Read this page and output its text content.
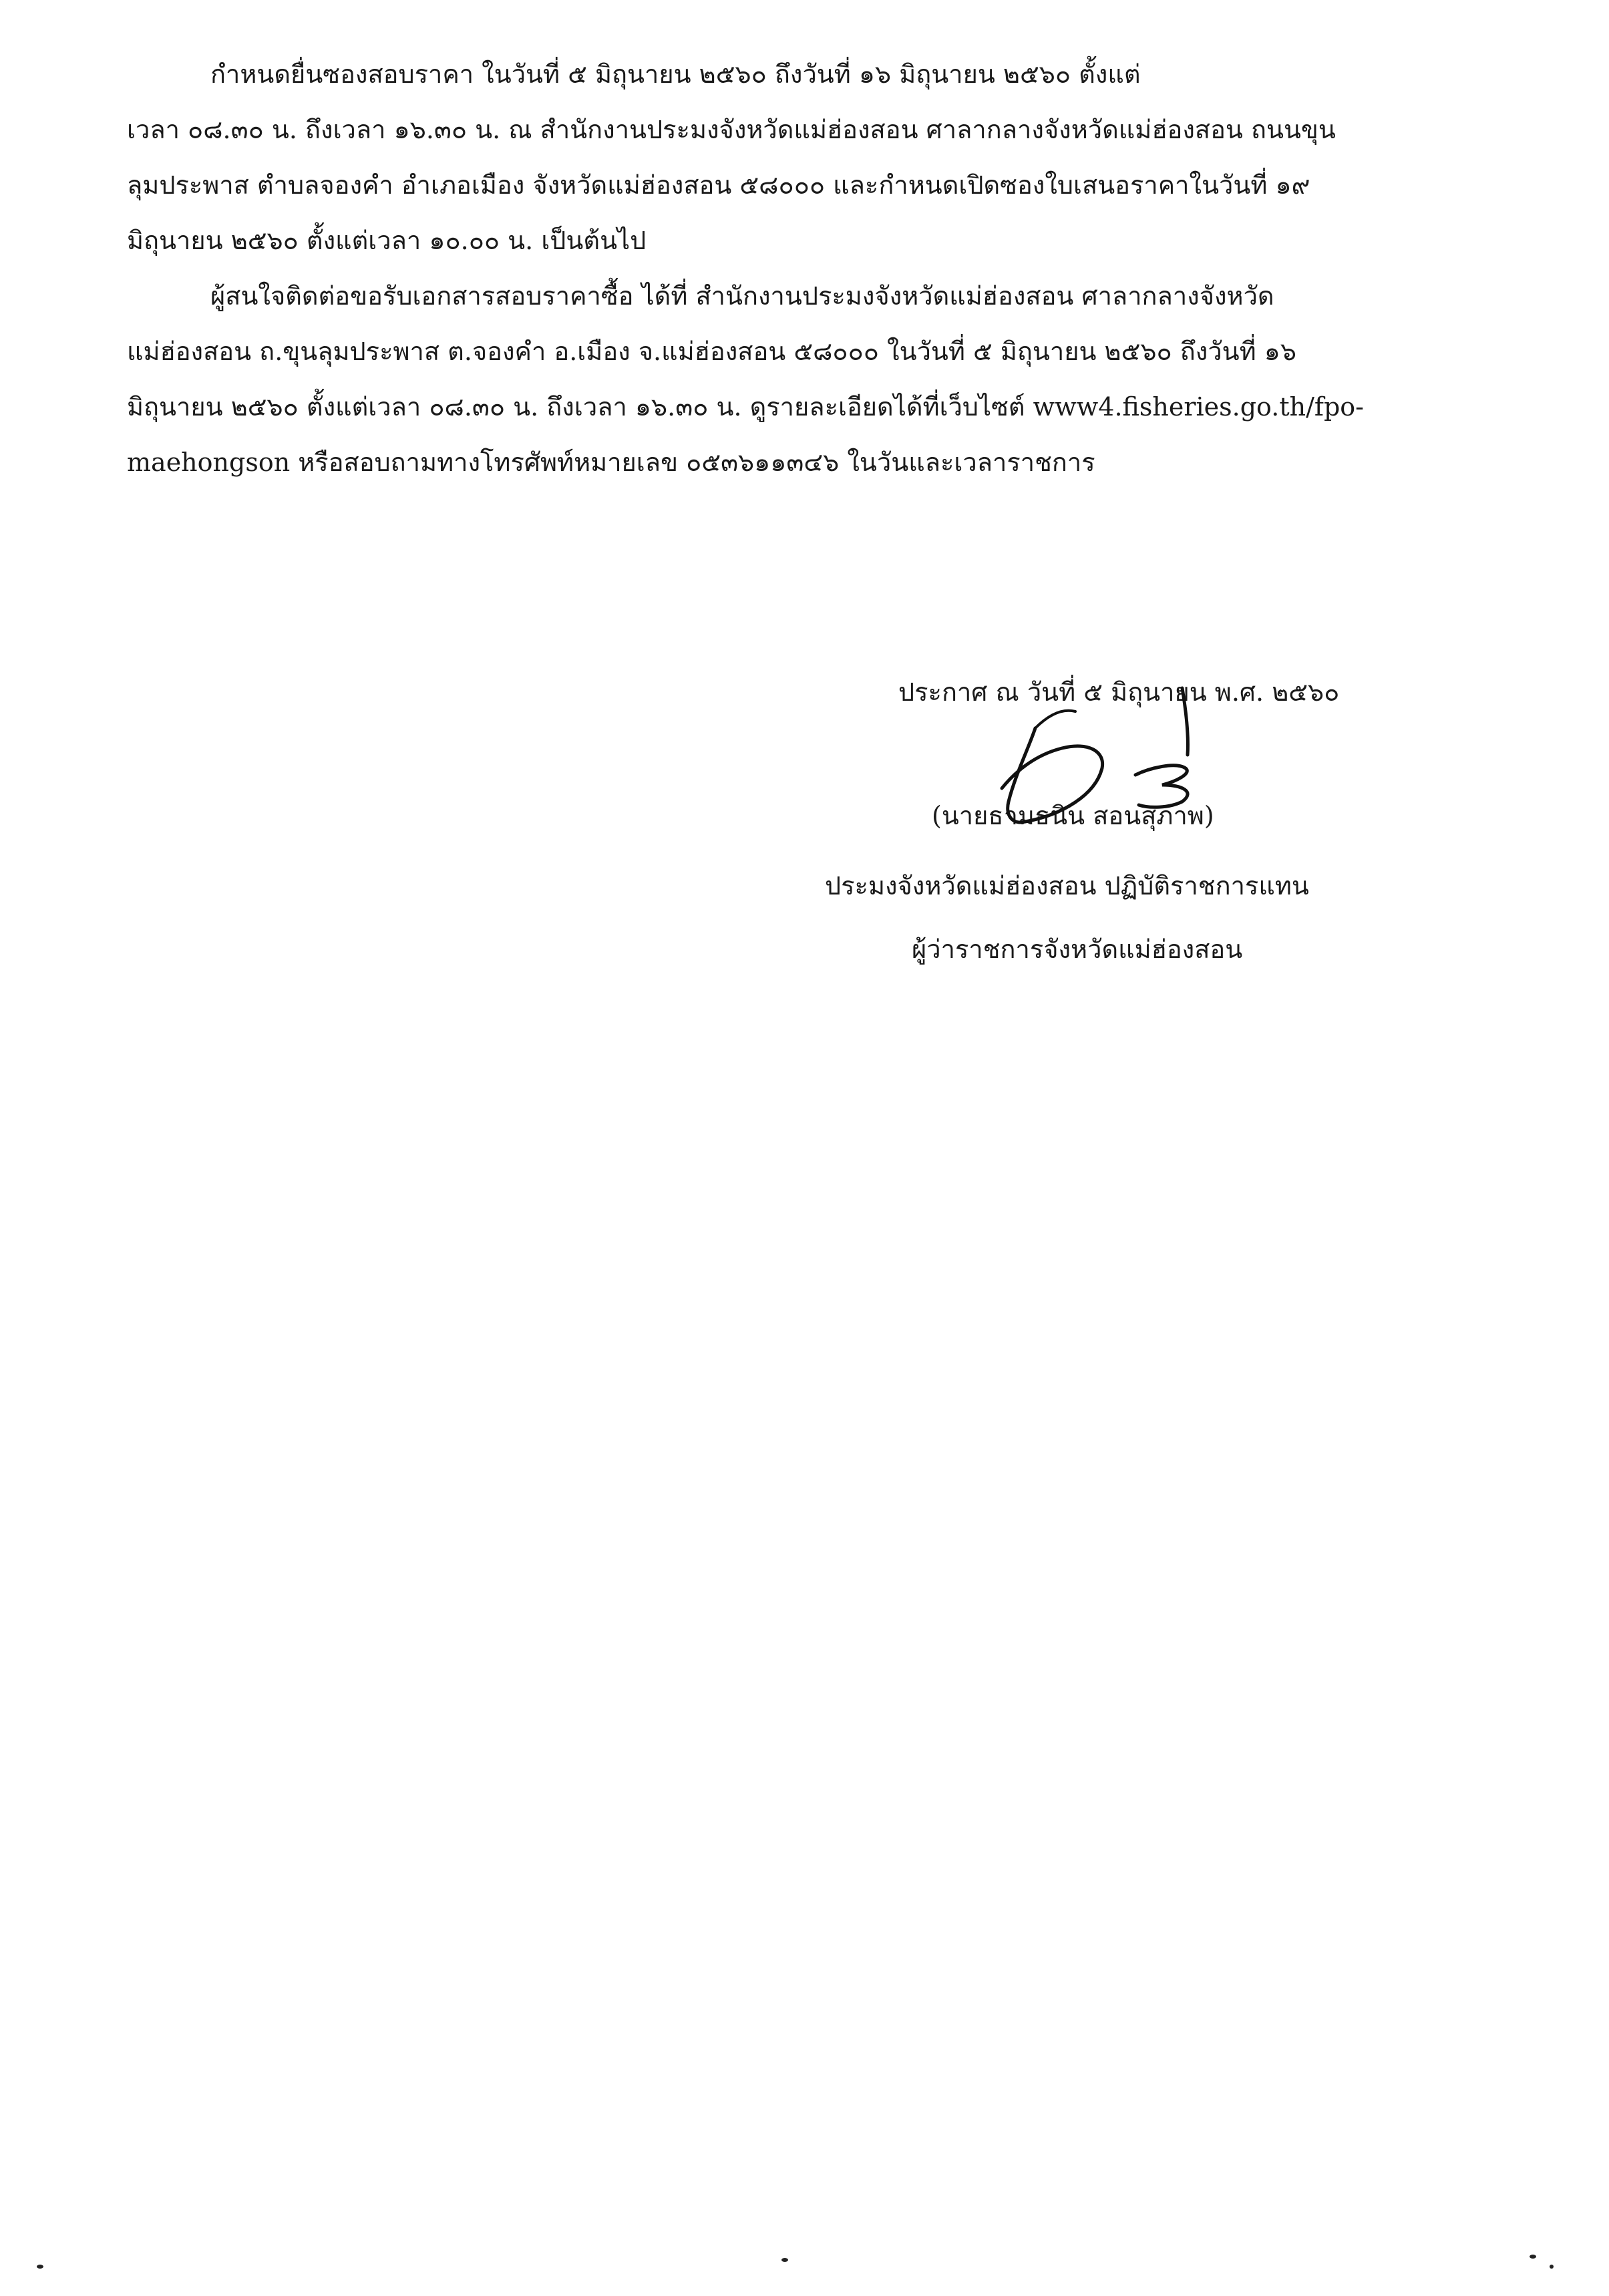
กำหนดยื่นซองสอบราคา ในวันที่ ๕ มิถุนายน ๒๕๖๐ ถึงวันที่ ๑๖ มิถุนายน ๒๕๖๐ ตั้งแต่
เวลา ๐๘.๓๐ น. ถึงเวลา ๑๖.๓๐ น. ณ สำนักงานประมงจังหวัดแม่ฮ่องสอน ศาลากลางจังหวัดแม่ฮ่องสอน ถนนขุน
ลุมประพาส ตำบลจองคำ อำเภอเมือง จังหวัดแม่ฮ่องสอน ๕๘๐๐๐ และกำหนดเปิดซองใบเสนอราคาในวันที่ ๑๙
มิถุนายน ๒๕๖๐ ตั้งแต่เวลา ๑๐.๐๐ น. เป็นต้นไป
ผู้สนใจติดต่อขอรับเอกสารสอบราคาซื้อ ได้ที่ สำนักงานประมงจังหวัดแม่ฮ่องสอน ศาลากลางจังหวัด
แม่ฮ่องสอน ถ.ขุนลุมประพาส ต.จองคำ อ.เมือง จ.แม่ฮ่องสอน ๕๘๐๐๐ ในวันที่ ๕ มิถุนายน ๒๕๖๐ ถึงวันที่ ๑๖
มิถุนายน ๒๕๖๐ ตั้งแต่เวลา ๐๘.๓๐ น. ถึงเวลา ๑๖.๓๐ น. ดูรายละเอียดได้ที่เว็บไซต์ www4.fisheries.go.th/fpo-
maehongson หรือสอบถามทางโทรศัพท์หมายเลข ๐๕๓๖๑๑๓๔๖ ในวันและเวลาราชการ
ประกาศ ณ วันที่ ๕ มิถุนายน พ.ศ. ๒๕๖๐
(นายธามธนิน สอนสุภาพ)
ประมงจังหวัดแม่ฮ่องสอน ปฏิบัติราชการแทน
ผู้ว่าราชการจังหวัดแม่ฮ่องสอน
